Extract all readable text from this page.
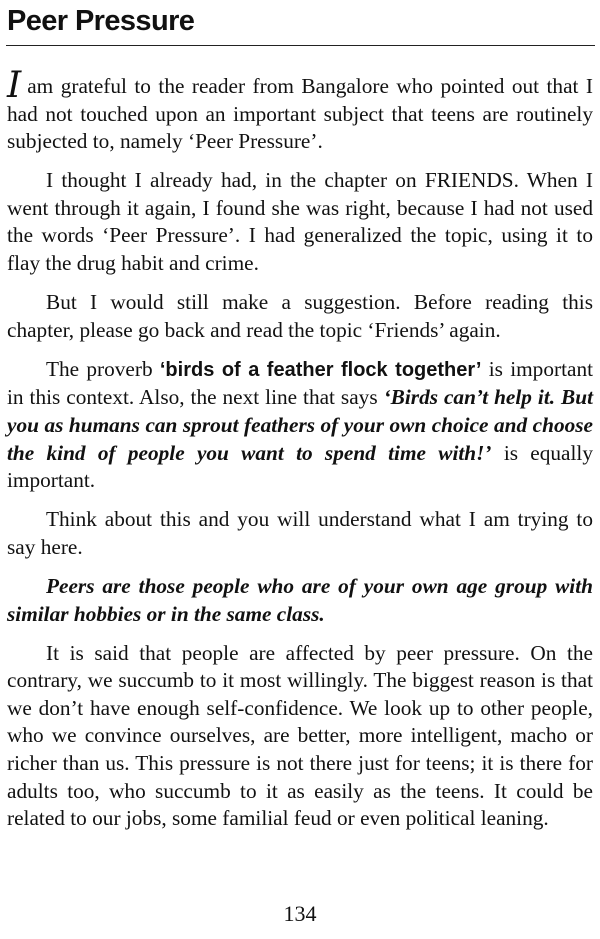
Peer Pressure

Iam grateful to the reader from Bangalore who pointed out that I had not touched upon an important subject that teens are routinely subjected to, namely ‘Peer Pressure’.

I thought I already had, in the chapter on FRIENDS. When I went through it again, I found she was right, because I had not used the words ‘Peer Pressure’. I had generalized the topic, using it to flay the drug habit and crime.

But I would still make a suggestion. Before reading this chapter, please go back and read the topic ‘Friends’ again.

The proverb ‘birds of a feather flock together’ is important in this context. Also, the next line that says ‘Birds can’t help it. But you as humans can sprout feathers of your own choice and choose the kind of people you want to spend time with!’ is equally important.

Think about this and you will understand what I am trying to say here.

Peers are those people who are of your own age group with similar hobbies or in the same class.

It is said that people are affected by peer pressure. On the contrary, we succumb to it most willingly. The biggest reason is that we don’t have enough self-confidence. We look up to other people, who we convince ourselves, are better, more intelligent, macho or richer than us. This pressure is not there just for teens; it is there for adults too, who succumb to it as easily as the teens. It could be related to our jobs, some familial feud or even political leaning.

134
